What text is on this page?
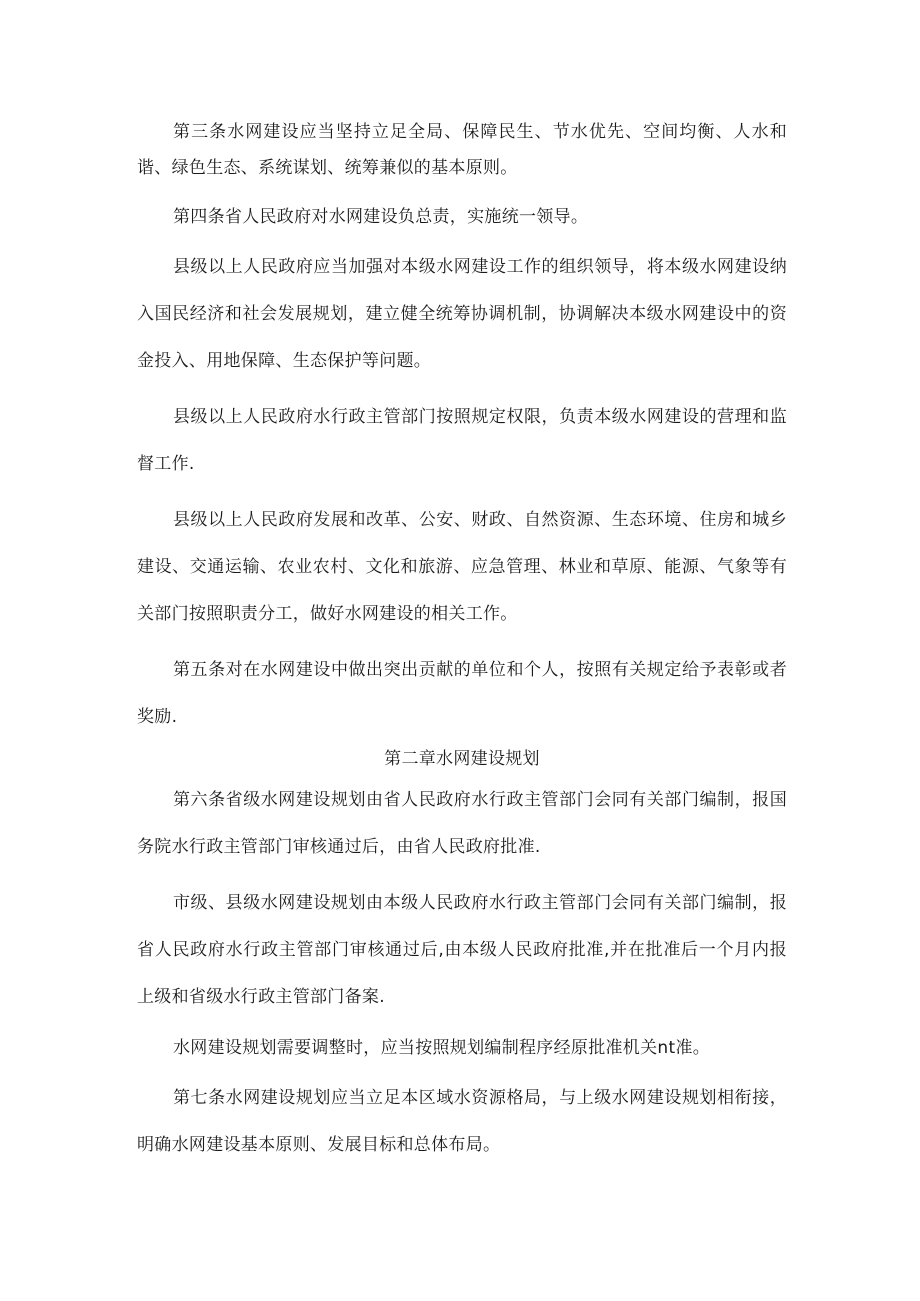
第三条水网建设应当坚持立足全局、保障民生、节水优先、空间均衡、人水和谐、绿色生态、系统谋划、统筹兼似的基本原则。

第四条省人民政府对水网建设负总责，实施统一领导。

县级以上人民政府应当加强对本级水网建设工作的组织领导，将本级水网建设纳入国民经济和社会发展规划，建立健全统筹协调机制，协调解决本级水网建设中的资金投入、用地保障、生态保护等问题。

县级以上人民政府水行政主管部门按照规定权限，负责本级水网建设的营理和监督工作.

县级以上人民政府发展和改革、公安、财政、自然资源、生态环境、住房和城乡建设、交通运输、农业农村、文化和旅游、应急管理、林业和草原、能源、气象等有关部门按照职责分工，做好水网建设的相关工作。

第五条对在水网建设中做出突出贡献的单位和个人，按照有关规定给予表彰或者奖励.

第二章水网建设规划

第六条省级水网建设规划由省人民政府水行政主管部门会同有关部门编制，报国务院水行政主管部门审核通过后，由省人民政府批准.

市级、县级水网建设规划由本级人民政府水行政主管部门会同有关部门编制，报省人民政府水行政主管部门审核通过后,由本级人民政府批准,并在批准后一个月内报上级和省级水行政主管部门备案.

水网建设规划需要调整时，应当按照规划编制程序经原批准机关nt准。

第七条水网建设规划应当立足本区域水资源格局，与上级水网建设规划相衔接，明确水网建设基本原则、发展目标和总体布局。
